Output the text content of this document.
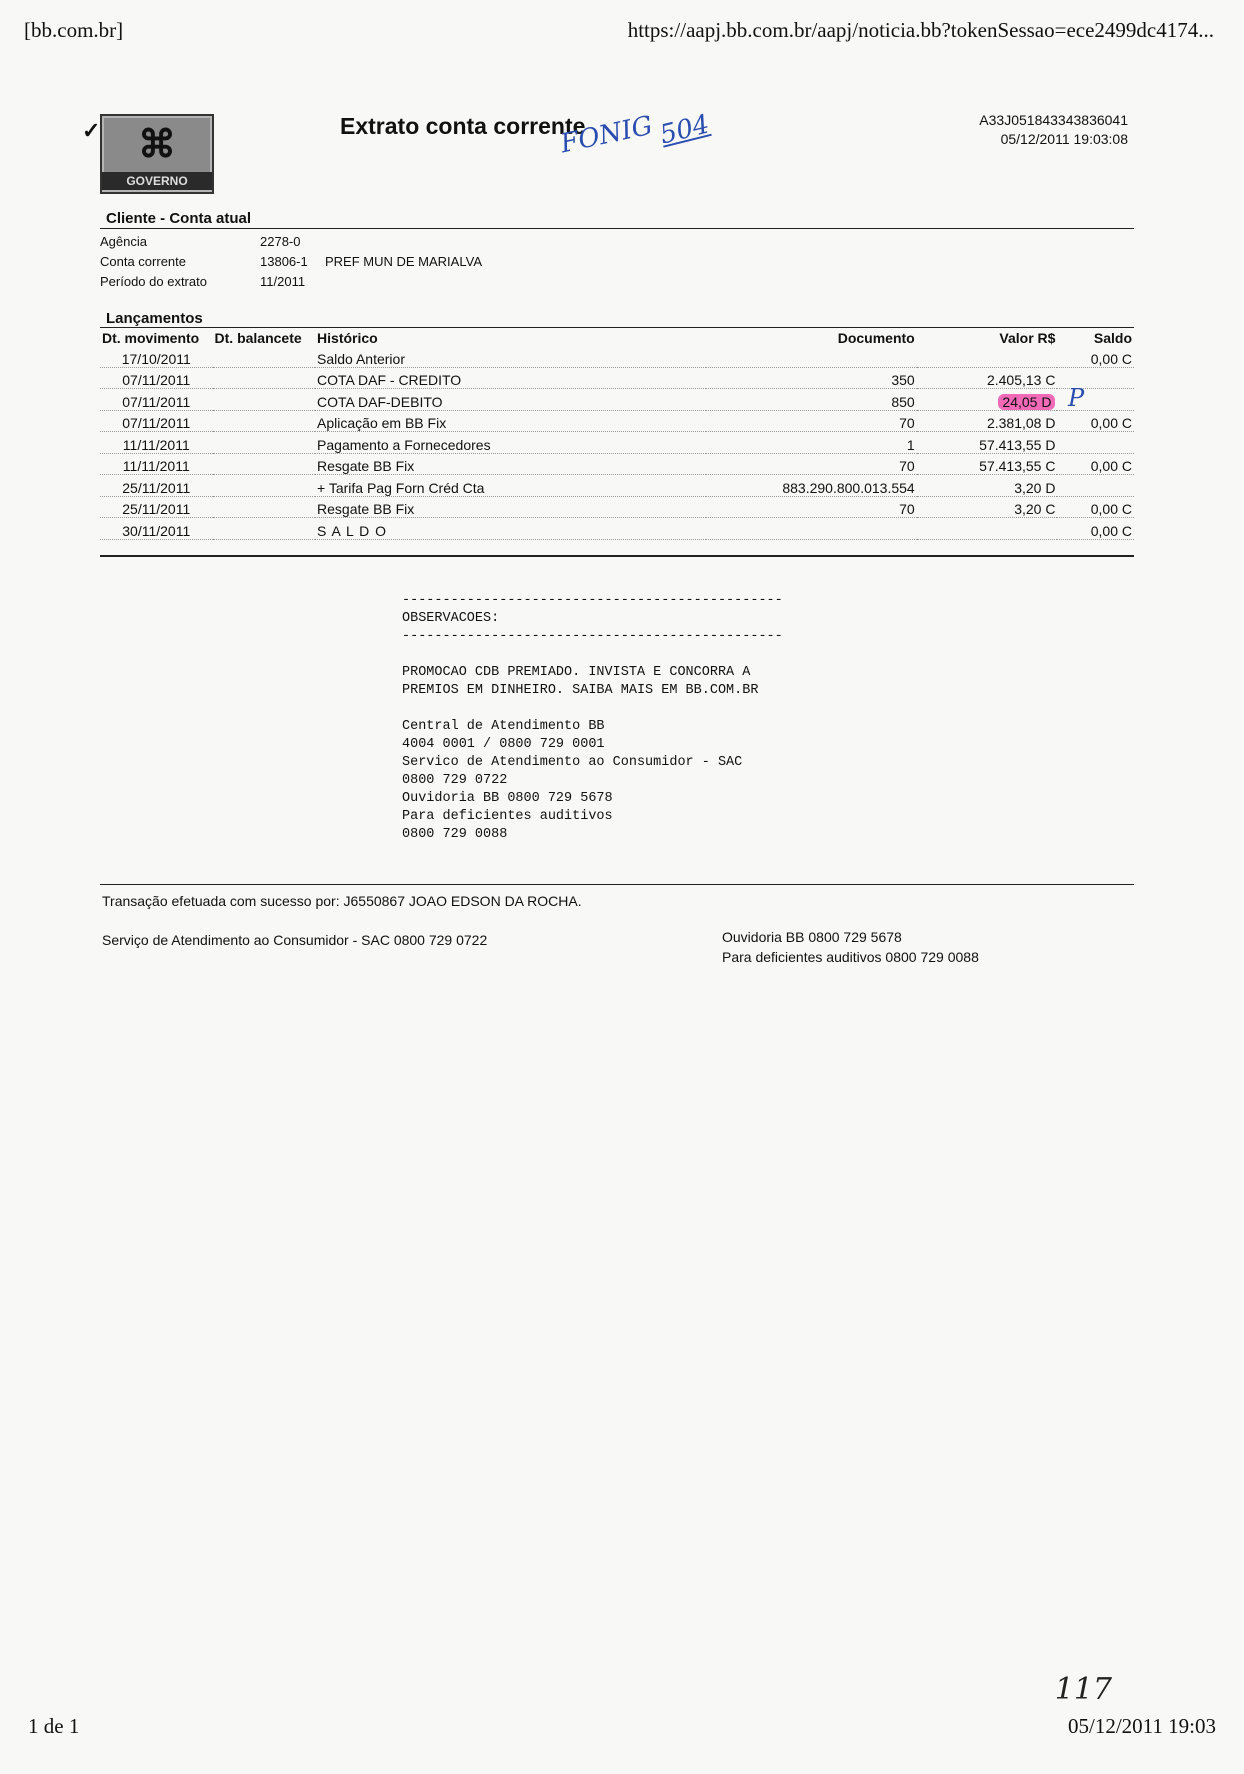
[bb.com.br]	https://aapj.bb.com.br/aapj/noticia.bb?tokenSessao=ece2499dc4174...
✓ ⌘
GOVERNO
Extrato conta corrente
FONIG 504	A33J051843343836041
05/12/2011 19:03:08
Cliente - Conta atual
Agência	2278-0
Conta corrente	13806-1 PREF MUN DE MARIALVA
Período do extrato	11/2011
Lançamentos
Dt. movimento	Dt. balancete	Histórico	Documento	Valor R$	Saldo
17/10/2011		Saldo Anterior			0,00 C
07/11/2011		COTA DAF - CREDITO	350	2.405,13 C	
07/11/2011		COTA DAF-DEBITO	850	24,05 D	
07/11/2011		Aplicação em BB Fix	70	2.381,08 D	0,00 C
11/11/2011		Pagamento a Fornecedores	1	57.413,55 D	
11/11/2011		Resgate BB Fix	70	57.413,55 C	0,00 C
25/11/2011		+ Tarifa Pag Forn Créd Cta	883.290.800.013.554	3,20 D	
25/11/2011		Resgate BB Fix	70	3,20 C	0,00 C
30/11/2011		S A L D O			0,00 C
P
-----------------------------------------------
OBSERVACOES:
-----------------------------------------------

PROMOCAO CDB PREMIADO. INVISTA E CONCORRA A
PREMIOS EM DINHEIRO. SAIBA MAIS EM BB.COM.BR

Central de Atendimento BB
4004 0001 / 0800 729 0001
Servico de Atendimento ao Consumidor - SAC
0800 729 0722
Ouvidoria BB 0800 729 5678
Para deficientes auditivos
0800 729 0088
Transação efetuada com sucesso por: J6550867 JOAO EDSON DA ROCHA.
Serviço de Atendimento ao Consumidor - SAC 0800 729 0722	Ouvidoria BB 0800 729 5678
Para deficientes auditivos 0800 729 0088
117
1 de 1	05/12/2011 19:03
